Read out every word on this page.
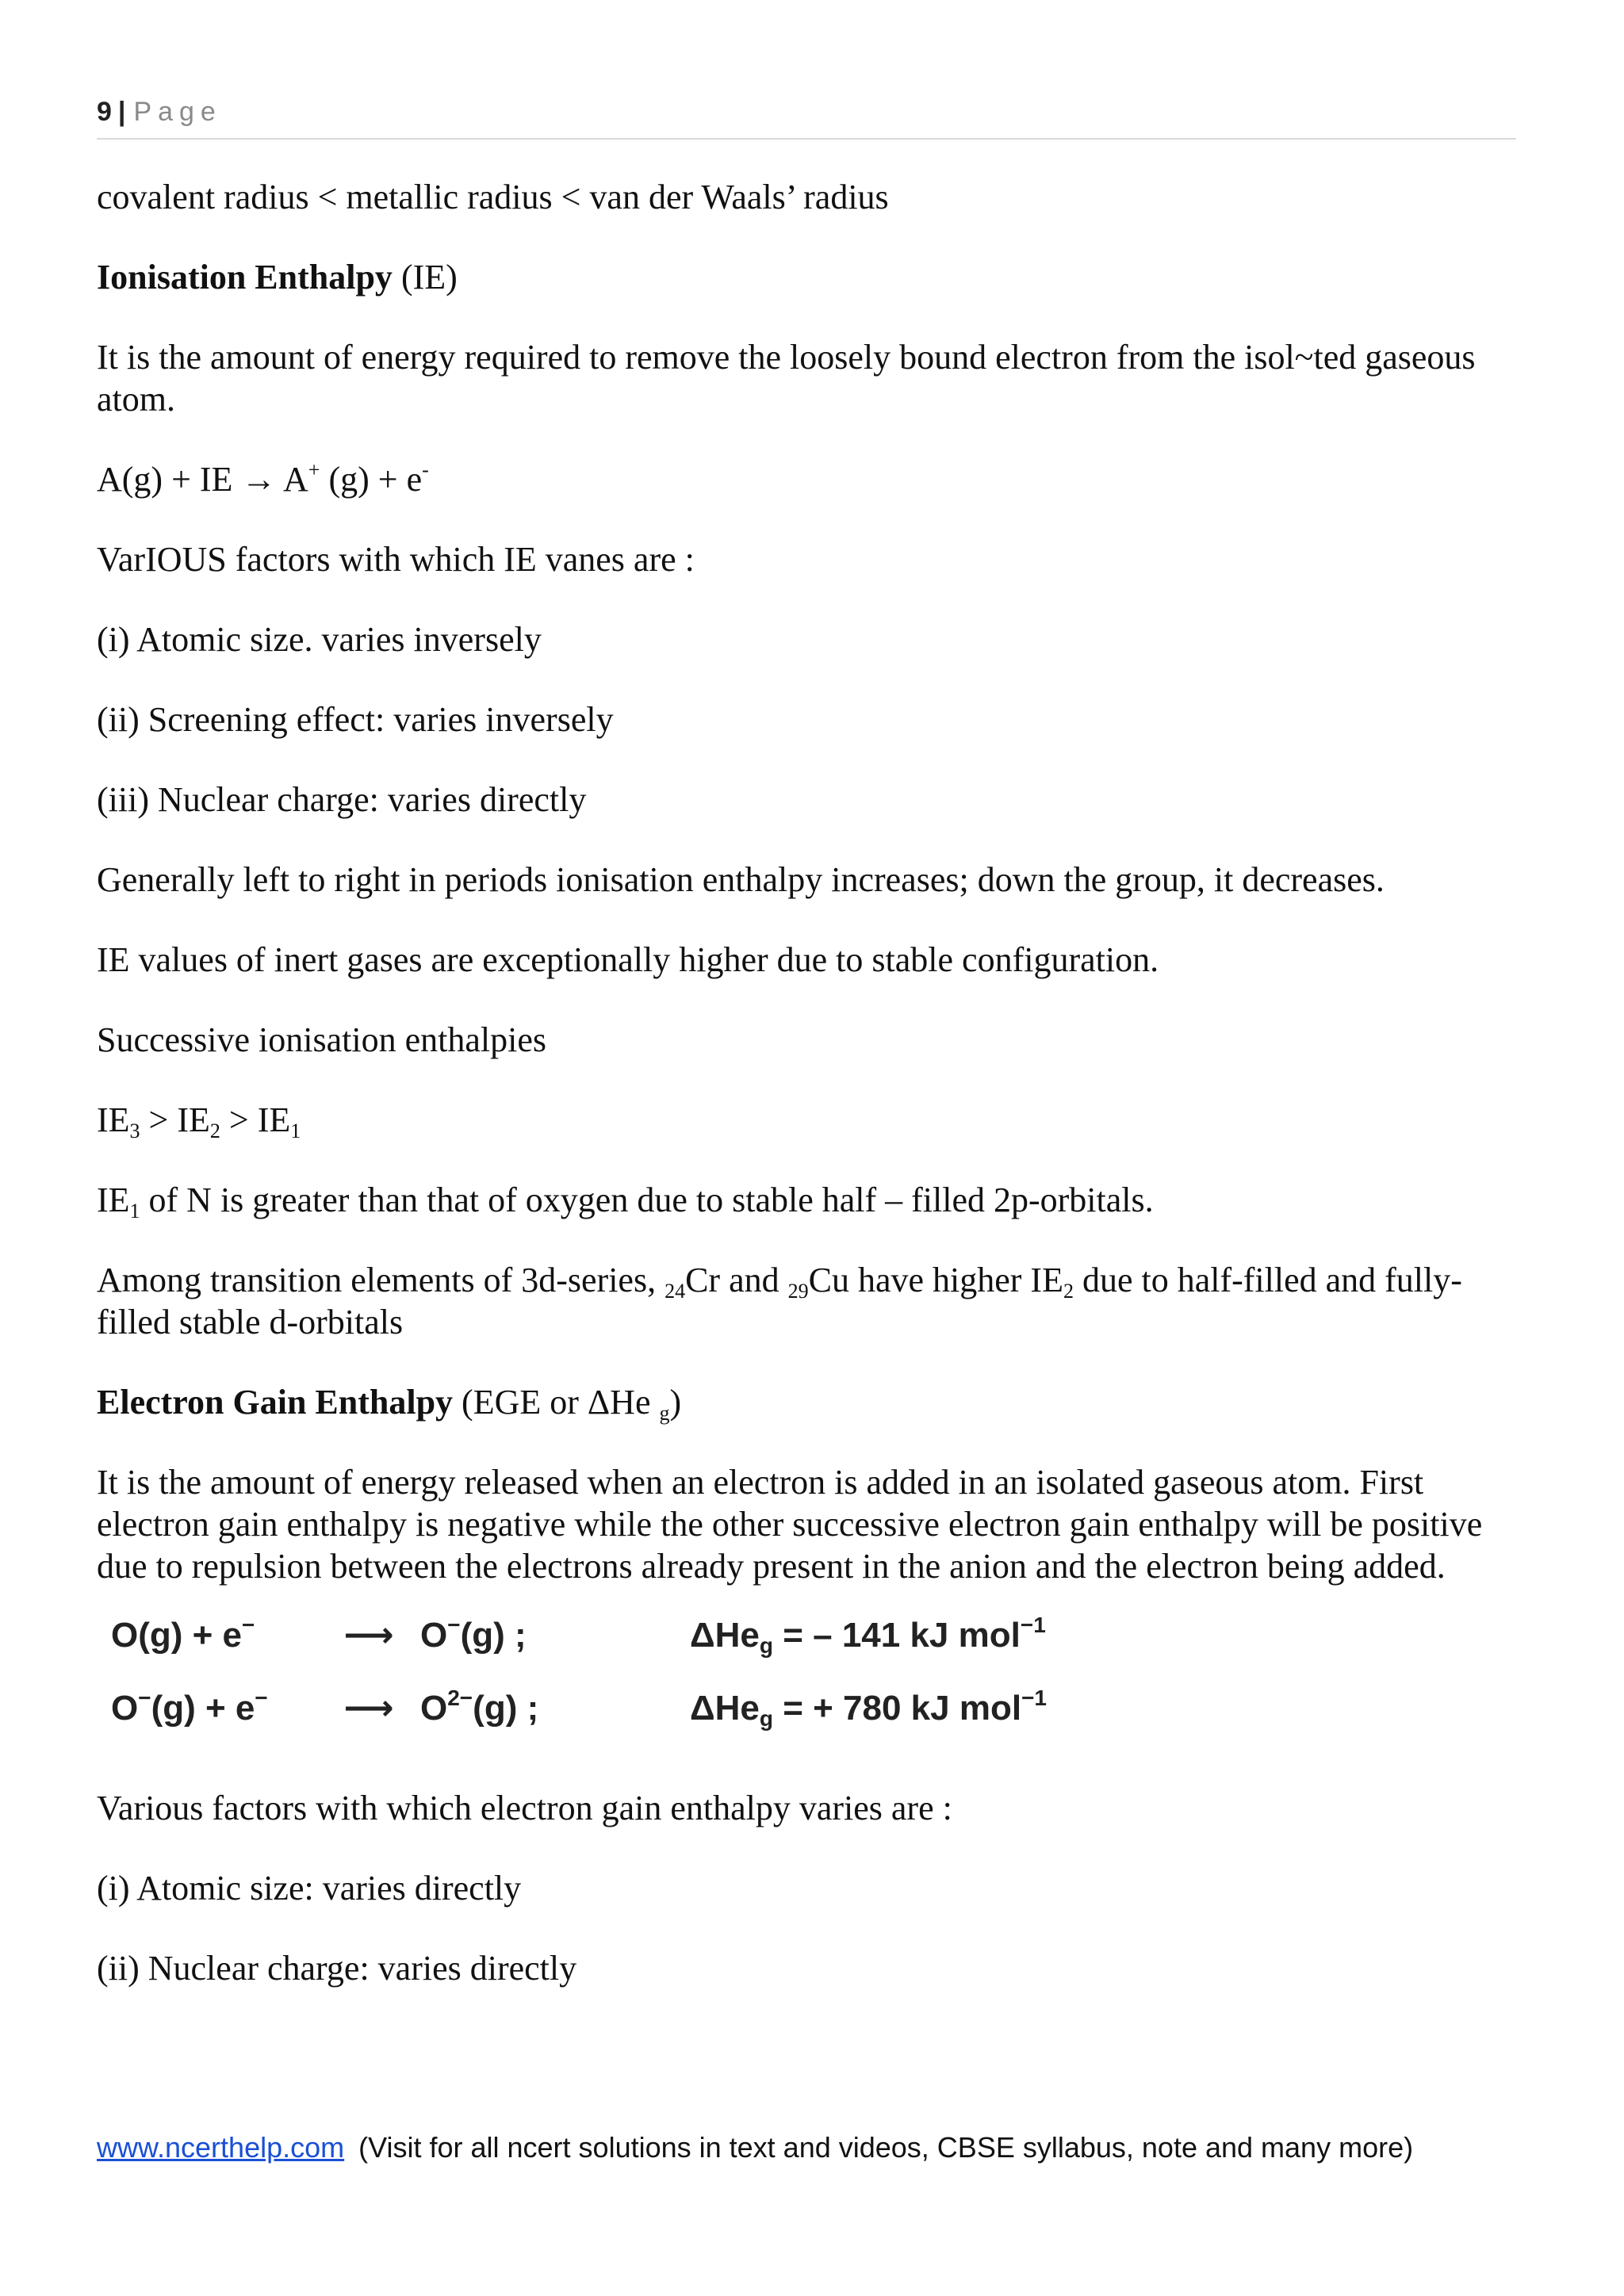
9 | Page

covalent radius < metallic radius < van der Waals’ radius

Ionisation Enthalpy (IE)

It is the amount of energy required to remove the loosely bound electron from the isol~ted gaseous atom.

A(g) + IE → A+ (g) + e-

VarIOUS factors with which IE vanes are :

(i) Atomic size. varies inversely

(ii) Screening effect: varies inversely

(iii) Nuclear charge: varies directly

Generally left to right in periods ionisation enthalpy increases; down the group, it decreases.

IE values of inert gases are exceptionally higher due to stable configuration.

Successive ionisation enthalpies

$IE_3 > IE_2 > IE_1$

$IE_1$ of N is greater than that of oxygen due to stable half – filled 2p-orbitals.

Among transition elements of 3d-series, $_{24}$Cr and $_{29}$Cu have higher $IE_2$ due to half-filled and fully-filled stable d-orbitals

Electron Gain Enthalpy (EGE or ΔHe $_g$)

It is the amount of energy released when an electron is added in an isolated gaseous atom. First electron gain enthalpy is negative while the other successive electron gain enthalpy will be positive due to repulsion between the electrons already present in the anion and the electron being added.

O(g) + e−	⟶ O−(g) ;	ΔHe$_g$ = – 141 kJ mol$^{-1}$
O−(g) + e−	⟶ $O^{2-}(g)$ ;	ΔHe$_g$ = + 780 kJ mol$^{-1}$

Various factors with which electron gain enthalpy varies are :

(i) Atomic size: varies directly

(ii) Nuclear charge: varies directly

www.ncerthelp.com (Visit for all ncert solutions in text and videos, CBSE syllabus, note and many more)
